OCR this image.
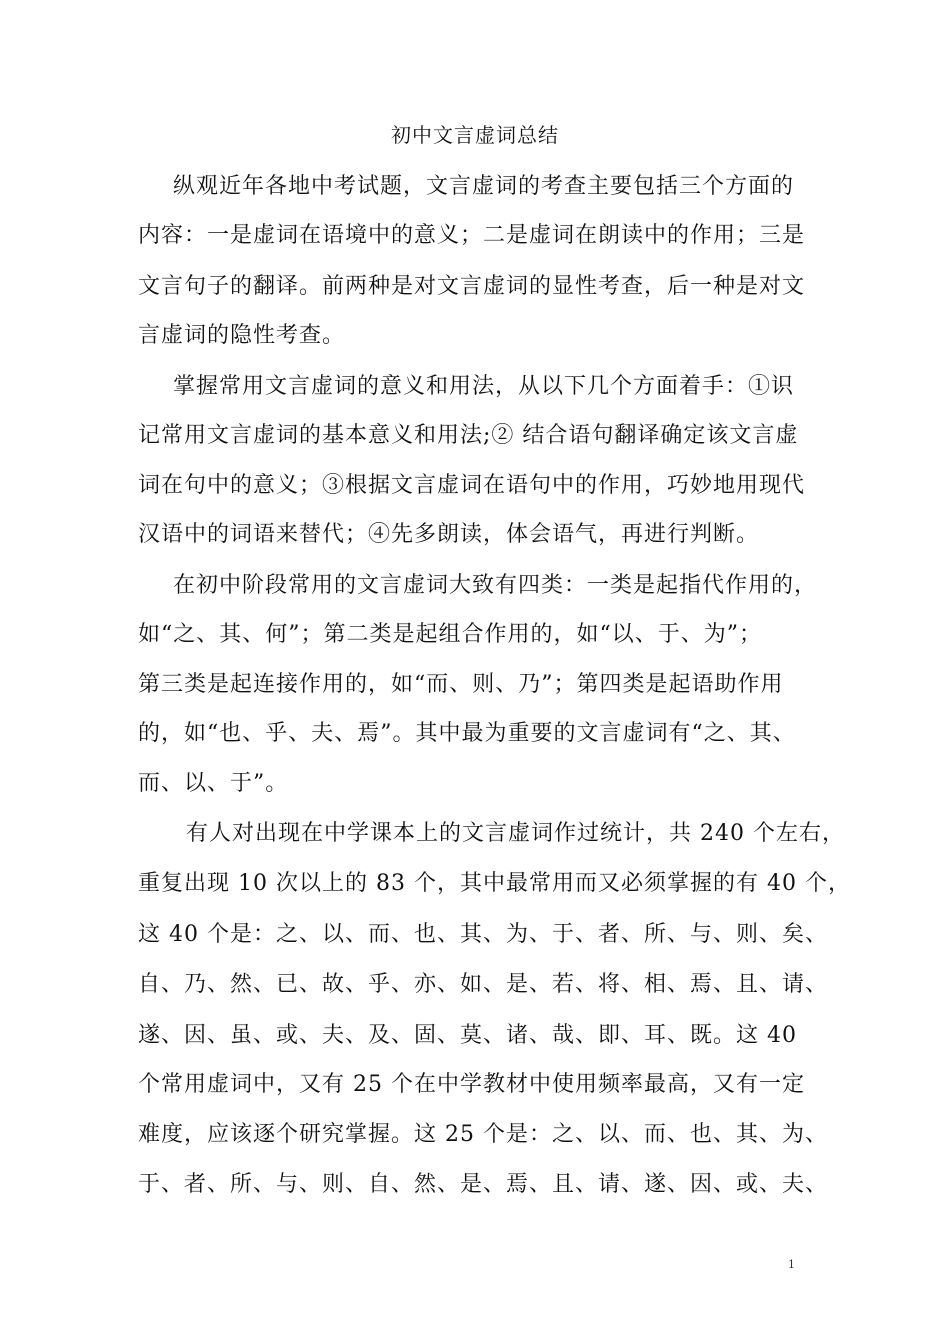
初中文言虚词总结
纵观近年各地中考试题，文言虚词的考查主要包括三个方面的
内容：一是虚词在语境中的意义；二是虚词在朗读中的作用；三是
文言句子的翻译。前两种是对文言虚词的显性考查，后一种是对文
言虚词的隐性考查。
掌握常用文言虚词的意义和用法，从以下几个方面着手：①识
记常用文言虚词的基本意义和用法;② 结合语句翻译确定该文言虚
词在句中的意义；③根据文言虚词在语句中的作用，巧妙地用现代
汉语中的词语来替代；④先多朗读，体会语气，再进行判断。
在初中阶段常用的文言虚词大致有四类：一类是起指代作用的，
如“之、其、何”；第二类是起组合作用的，如“以、于、为”；
第三类是起连接作用的，如“而、则、乃”；第四类是起语助作用
的，如“也、乎、夫、焉”。其中最为重要的文言虚词有“之、其、
而、以、于”。
有人对出现在中学课本上的文言虚词作过统计，共 240 个左右，
重复出现 10 次以上的 83 个，其中最常用而又必须掌握的有 40 个，
这 40 个是：之、以、而、也、其、为、于、者、所、与、则、矣、
自、乃、然、已、故、乎、亦、如、是、若、将、相、焉、且、请、
遂、因、虽、或、夫、及、固、莫、诸、哉、即、耳、既。这 40
个常用虚词中，又有 25 个在中学教材中使用频率最高，又有一定
难度，应该逐个研究掌握。这 25 个是：之、以、而、也、其、为、
于、者、所、与、则、自、然、是、焉、且、请、遂、因、或、夫、
1
